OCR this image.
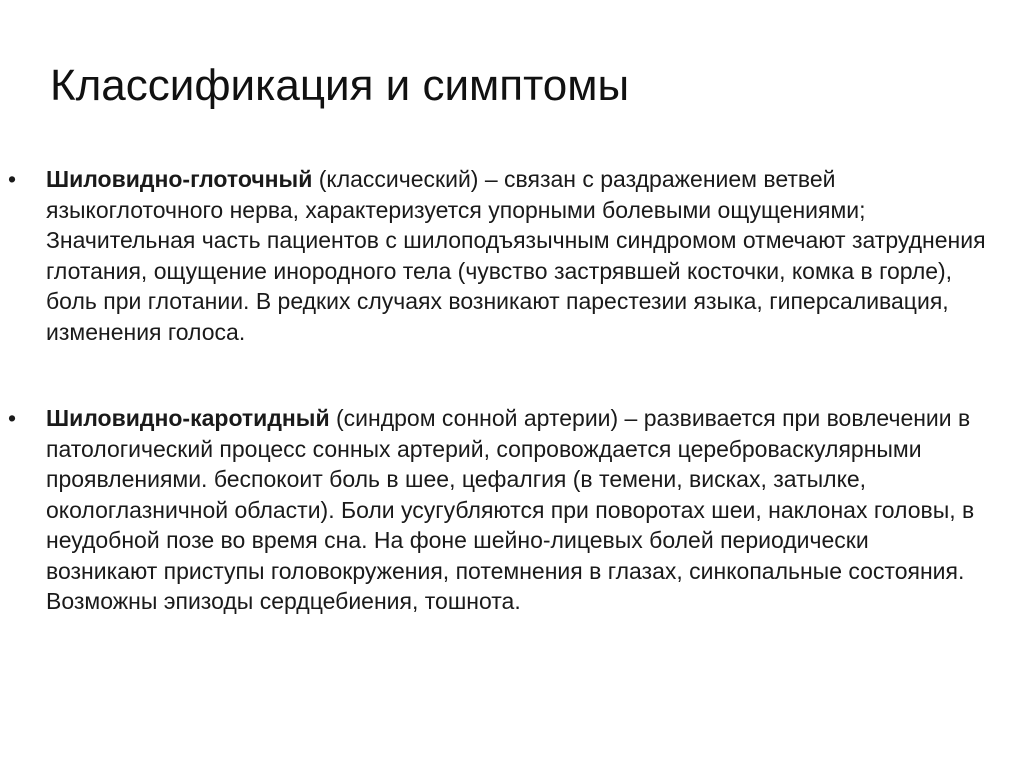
Классификация и симптомы
• Шиловидно-глоточный (классический) – связан с раздражением ветвей языкоглоточного нерва, характеризуется упорными болевыми ощущениями; Значительная часть пациентов с шилоподъязычным синдромом отмечают затруднения глотания, ощущение инородного тела (чувство застрявшей косточки, комка в горле), боль при глотании. В редких случаях возникают парестезии языка, гиперсаливация, изменения голоса.
• Шиловидно-каротидный (синдром сонной артерии) – развивается при вовлечении в патологический процесс сонных артерий, сопровождается цереброваскулярными проявлениями. беспокоит боль в шее, цефалгия (в темени, висках, затылке, окологлазничной области). Боли усугубляются при поворотах шеи, наклонах головы, в неудобной позе во время сна. На фоне шейно-лицевых болей периодически возникают приступы головокружения, потемнения в глазах, синкопальные состояния. Возможны эпизоды сердцебиения, тошнота.
